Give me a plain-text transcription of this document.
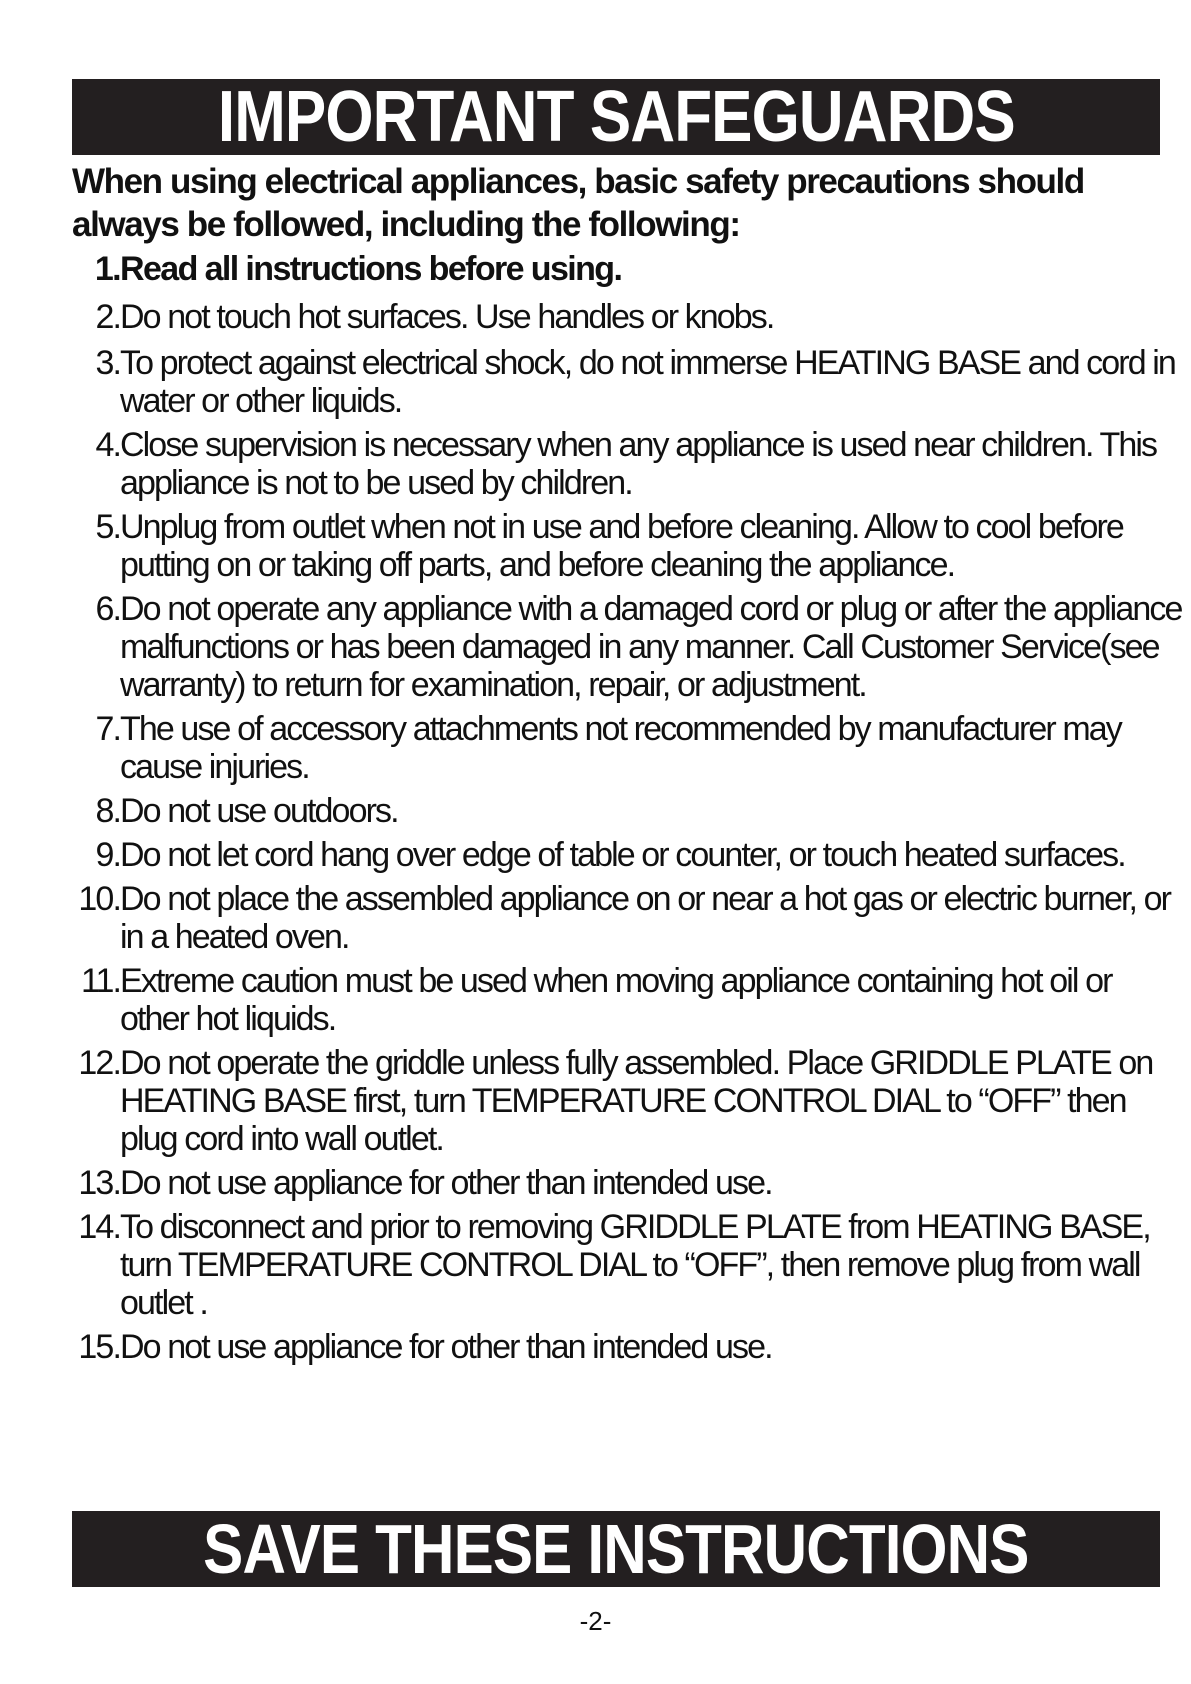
IMPORTANT SAFEGUARDS

When using electrical appliances, basic safety precautions should always be followed, including the following:

1. Read all instructions before using.
2. Do not touch hot surfaces. Use handles or knobs.
3. To protect against electrical shock, do not immerse HEATING BASE and cord in water or other liquids.
4. Close supervision is necessary when any appliance is used near children. This appliance is not to be used by children.
5. Unplug from outlet when not in use and before cleaning. Allow to cool before putting on or taking off parts, and before cleaning the appliance.
6. Do not operate any appliance with a damaged cord or plug or after the appliance malfunctions or has been damaged in any manner. Call Customer Service(see warranty) to return for examination, repair, or adjustment.
7. The use of accessory attachments not recommended by manufacturer may cause injuries.
8. Do not use outdoors.
9. Do not let cord hang over edge of table or counter, or touch heated surfaces.
10. Do not place the assembled appliance on or near a hot gas or electric burner, or in a heated oven.
11. Extreme caution must be used when moving appliance containing hot oil or other hot liquids.
12. Do not operate the griddle unless fully assembled. Place GRIDDLE PLATE on HEATING BASE first, turn TEMPERATURE CONTROL DIAL to “OFF” then plug cord into wall outlet.
13. Do not use appliance for other than intended use.
14. To disconnect and prior to removing GRIDDLE PLATE from HEATING BASE, turn TEMPERATURE CONTROL DIAL to “OFF”, then remove plug from wall outlet .
15. Do not use appliance for other than intended use.
SAVE THESE INSTRUCTIONS
-2-
